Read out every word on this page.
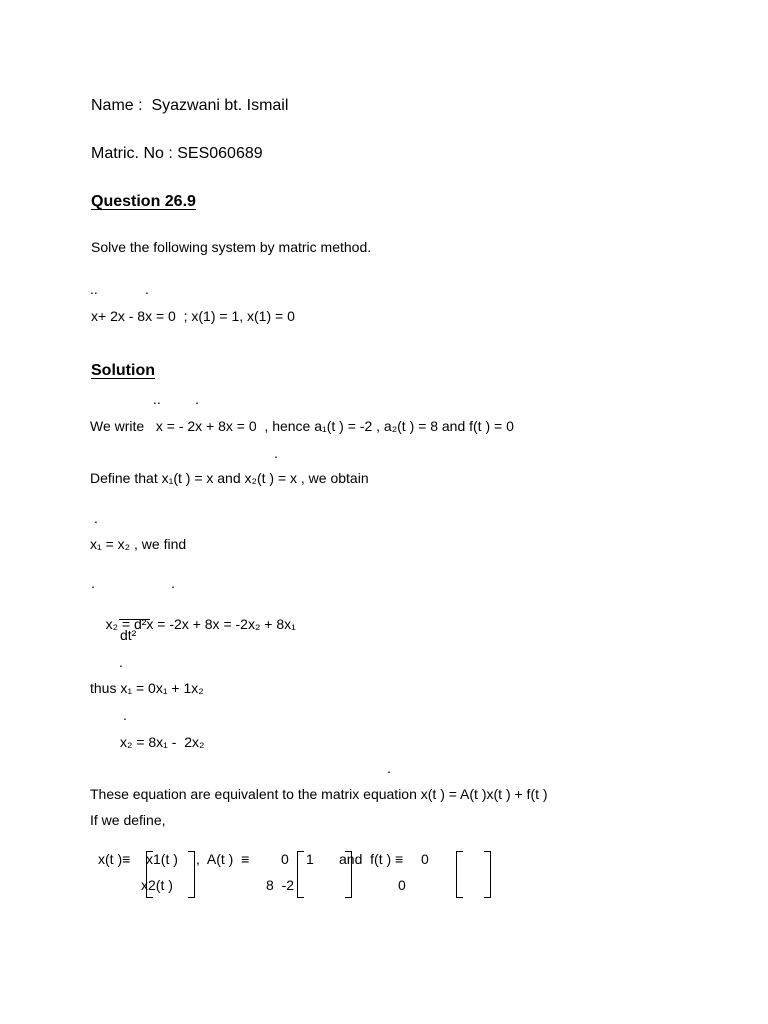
Name :  Syazwani bt. Ismail
Matric. No : SES060689
Question 26.9
Solve the following system by matric method.
..	.
x+ 2x - 8x = 0  ; x(1) = 1, x(1) = 0
Solution
.. .
We write   x = - 2x + 8x = 0  , hence a₁(t ) = -2 , a₂(t ) = 8 and f(t ) = 0
.
Define that x₁(t ) = x and x₂(t ) = x , we obtain
.
x₁ = x₂ , we find
.	.

x₂ = d²x = -2x + 8x = -2x₂ + 8x₁

dt²
.
thus x₁ = 0x₁ + 1x₂
.
x₂ = 8x₁ -  2x₂
.
These equation are equivalent to the matrix equation x(t ) = A(t )x(t ) + f(t )
If we define,
x(t )≡ x1(t )
x2(t )
,  A(t )  ≡ 0 1
8  -2
and  f(t ) ≡ 0
0
